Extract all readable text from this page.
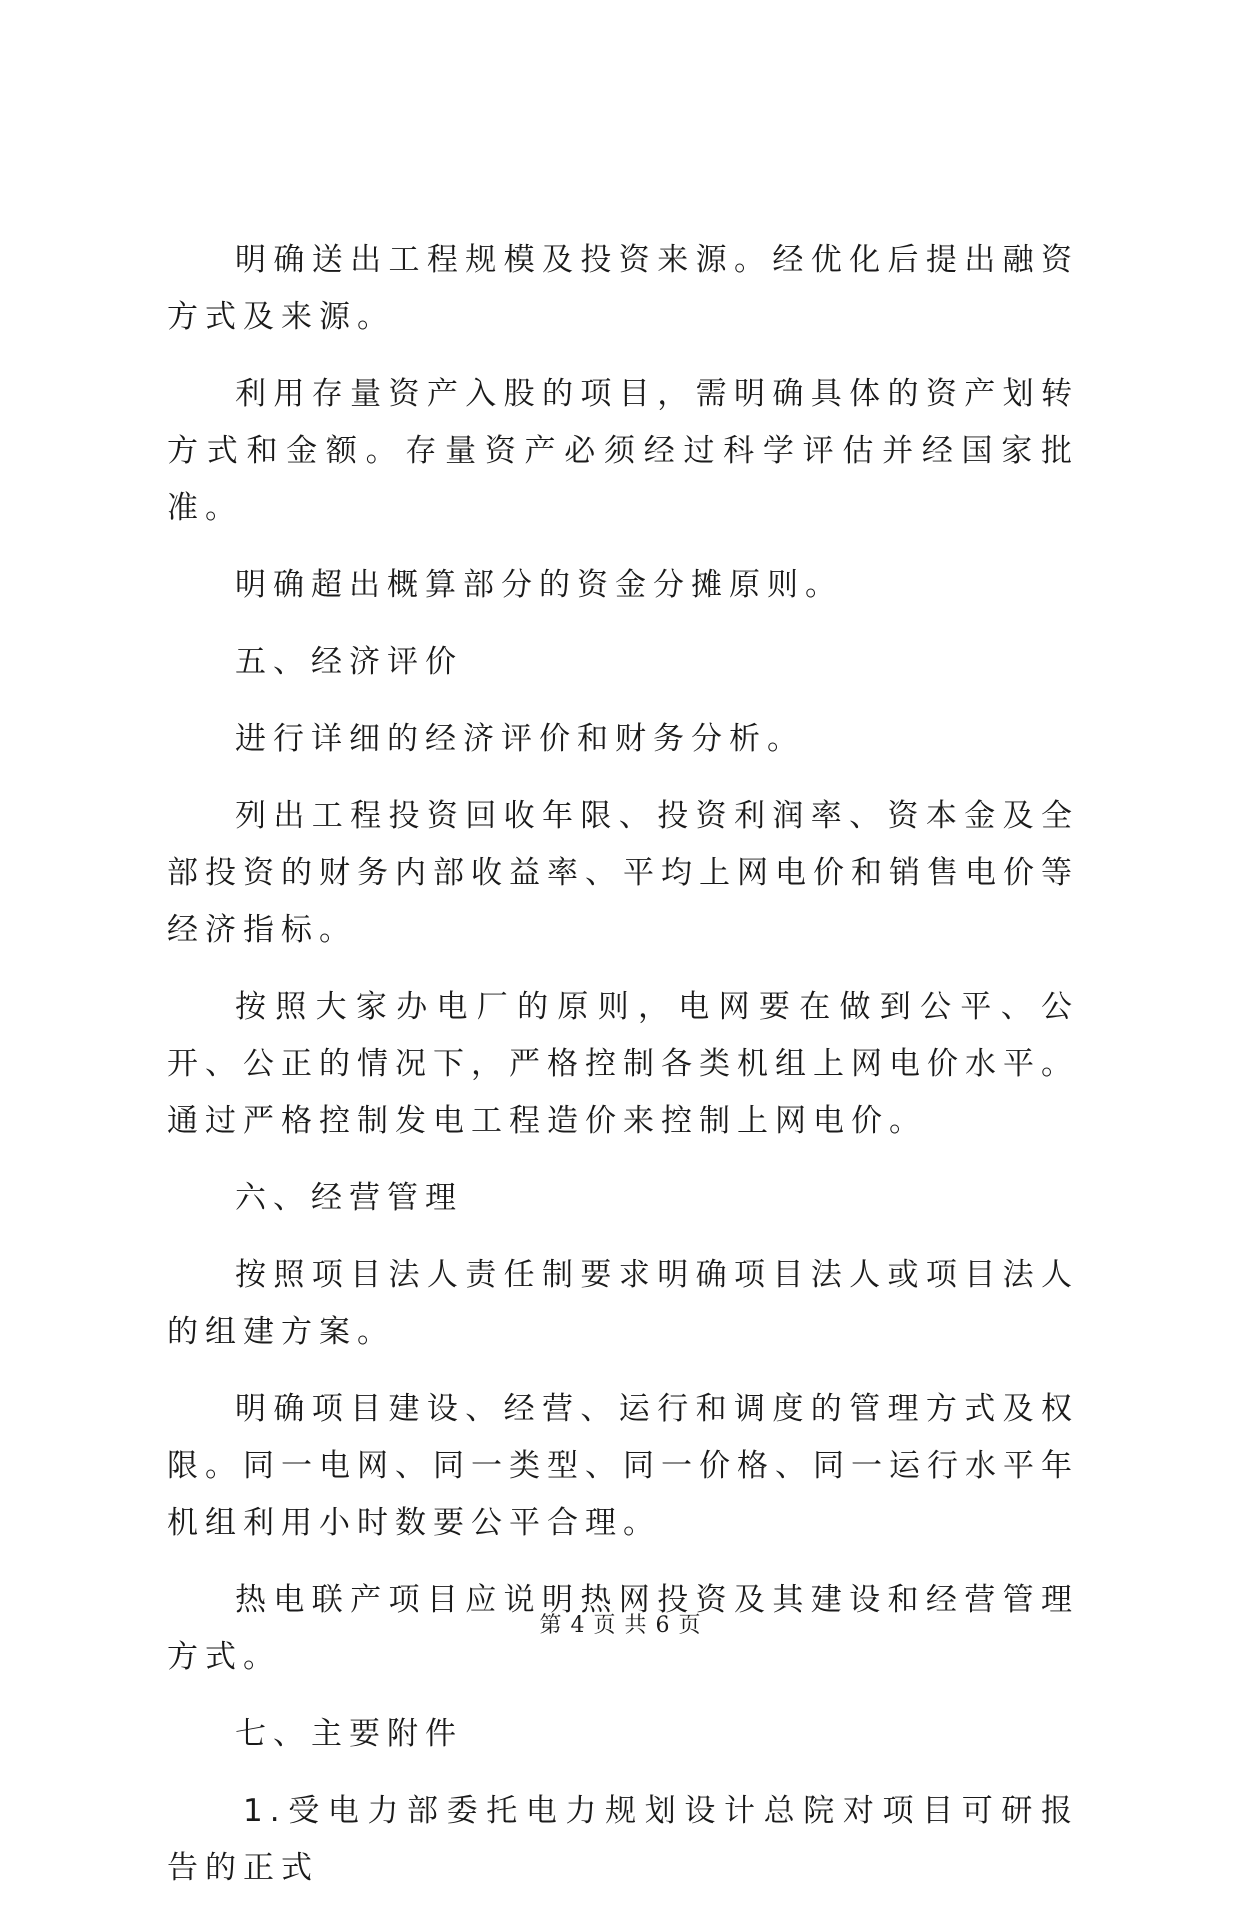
明确送出工程规模及投资来源。经优化后提出融资方式及来源。

利用存量资产入股的项目，需明确具体的资产划转方式和金额。存量资产必须经过科学评估并经国家批准。

明确超出概算部分的资金分摊原则。

五、经济评价

进行详细的经济评价和财务分析。

列出工程投资回收年限、投资利润率、资本金及全部投资的财务内部收益率、平均上网电价和销售电价等经济指标。

按照大家办电厂的原则，电网要在做到公平、公开、公正的情况下，严格控制各类机组上网电价水平。通过严格控制发电工程造价来控制上网电价。

六、经营管理

按照项目法人责任制要求明确项目法人或项目法人的组建方案。

明确项目建设、经营、运行和调度的管理方式及权限。同一电网、同一类型、同一价格、同一运行水平年机组利用小时数要公平合理。

热电联产项目应说明热网投资及其建设和经营管理方式。

七、主要附件

1.受电力部委托电力规划设计总院对项目可研报告的正式

第 4 页 共 6 页
